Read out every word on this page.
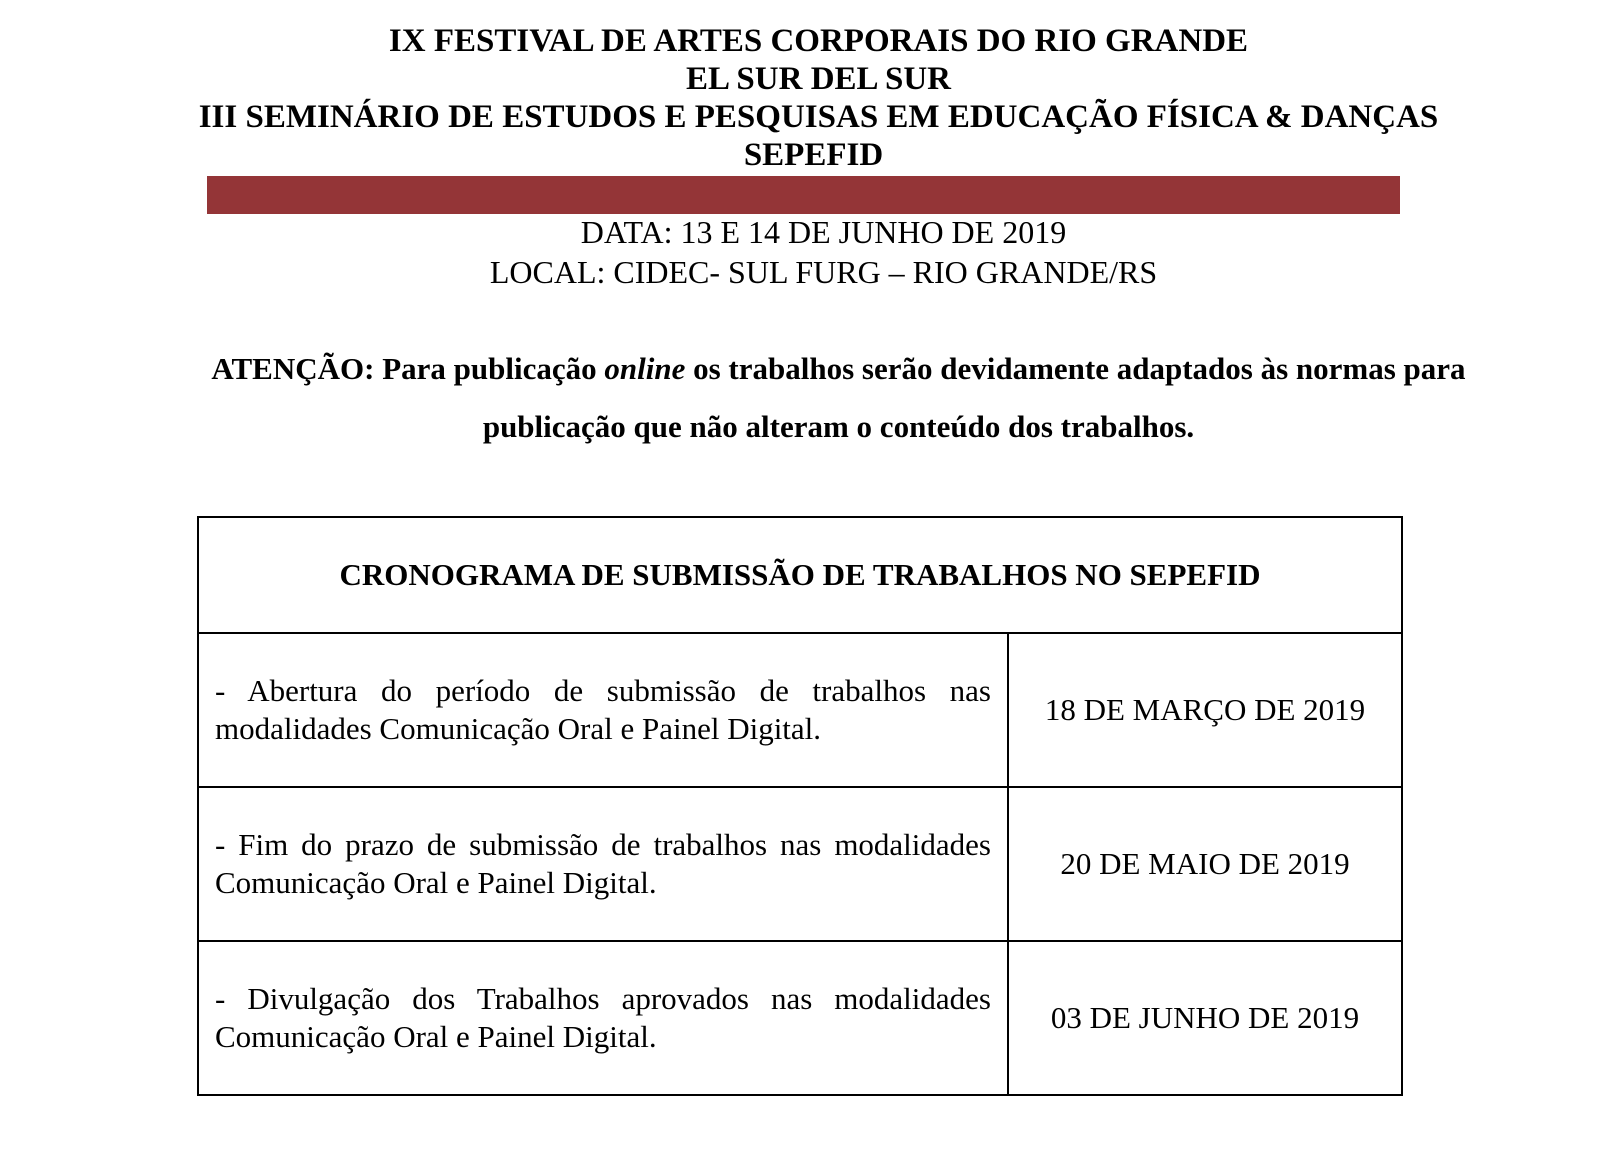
IX FESTIVAL DE ARTES CORPORAIS DO RIO GRANDE
EL SUR DEL SUR
III SEMINÁRIO DE ESTUDOS E PESQUISAS EM EDUCAÇÃO FÍSICA & DANÇAS
SEPEFID
DATA: 13 E 14 DE JUNHO DE 2019
LOCAL: CIDEC- SUL FURG – RIO GRANDE/RS
ATENÇÃO: Para publicação online os trabalhos serão devidamente adaptados às normas para publicação que não alteram o conteúdo dos trabalhos.
CRONOGRAMA DE SUBMISSÃO DE TRABALHOS NO SEPEFID	
- Abertura do período de submissão de trabalhos nas modalidades Comunicação Oral e Painel Digital.	18 DE MARÇO DE 2019
- Fim do prazo de submissão de trabalhos nas modalidades Comunicação Oral e Painel Digital.	20 DE MAIO DE 2019
- Divulgação dos Trabalhos aprovados nas modalidades Comunicação Oral e Painel Digital.	03 DE JUNHO DE 2019
